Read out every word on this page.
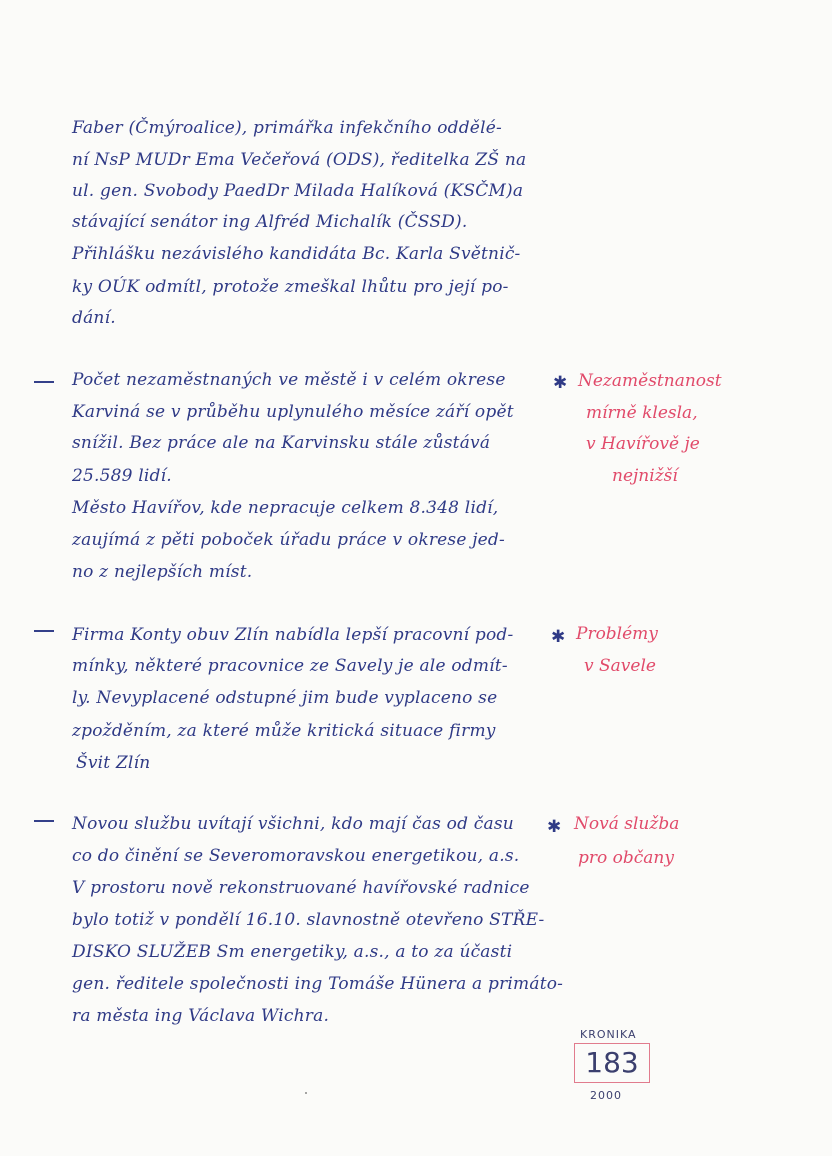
Faber (Čmýroalice), primářka infekčního oddělé-
ní NsP MUDr Ema Večeřová (ODS), ředitelka ZŠ na
ul. gen. Svobody PaedDr Milada Halíková (KSČM)a
stávající senátor ing Alfréd Michalík (ČSSD).
Přihlášku nezávislého kandidáta Bc. Karla Světnič-
ky OÚK odmítl, protože zmeškal lhůtu pro její po-
dání.
Počet nezaměstnaných ve městě i v celém okrese
Karviná se v průběhu uplynulého měsíce září opět
snížil. Bez práce ale na Karvinsku stále zůstává
25.589 lidí.
Město Havířov, kde nepracuje celkem 8.348 lidí,
zaujímá z pěti poboček úřadu práce v okrese jed-
no z nejlepších míst.
✱ Nezaměstnanost
mírně klesla,
v Havířově je
nejnižší
Firma Konty obuv Zlín nabídla lepší pracovní pod-
mínky, některé pracovnice ze Savely je ale odmít-
ly. Nevyplacené odstupné jim bude vyplaceno se
zpožděním, za které může kritická situace firmy
Švit Zlín
✱ Problémy
v Savele
Novou službu uvítají všichni, kdo mají čas od času
co do činění se Severomoravskou energetikou, a.s.
V prostoru nově rekonstruované havířovské radnice
bylo totiž v pondělí 16.10. slavnostně otevřeno STŘE-
DISKO SLUŽEB Sm energetiky, a.s., a to za účasti
gen. ředitele společnosti ing Tomáše Hünera a primáto-
ra města ing Václava Wichra.
✱ Nová služba
pro občany
KRONIKA
183
2000
